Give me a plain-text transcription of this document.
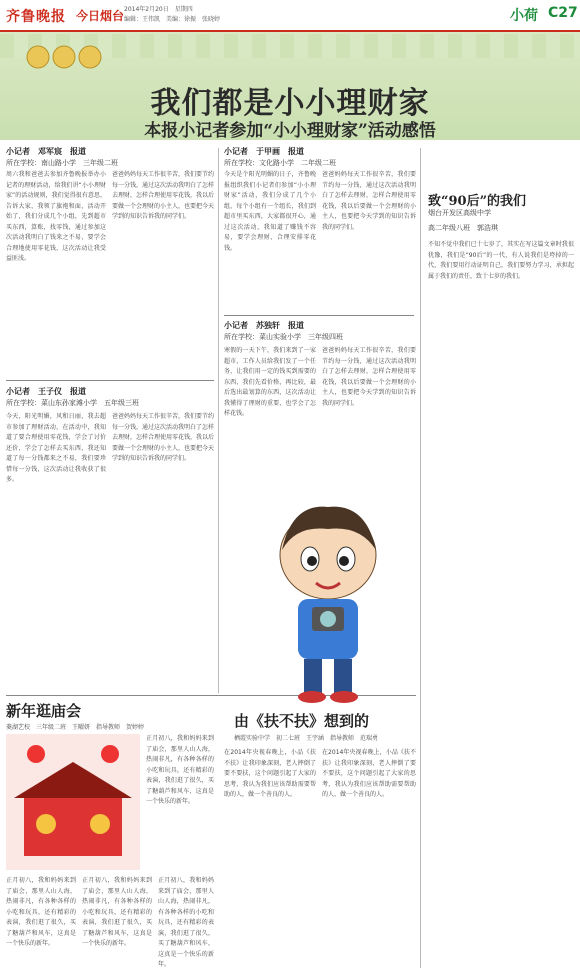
齐鲁晚报 今日烟台 2014年2月20日　星期四
编辑：王伟凯　美编：徐振　张晓婷	小荷 C27
我们都是小小理财家
本报小记者参加“小小理财家”活动感悟
小记者　邓军宸　报道
所在学校：南山路小学　三年级二班
周六我和爸爸去参加齐鲁晚报举办小记者的理财活动，给我们讲“小小理财家”的活动规则，我们觉得很有意思，告诉大家，我领了旗袍和面，活动开始了，我们分成几个小组，先到超市买东西，算账，找零钱，通过参加这次活动我明白了钱来之不易，要学会合理地使用零花钱，这次活动让我受益匪浅。
爸爸妈妈每天工作很辛苦，我们要节约每一分钱，通过这次活动我明白了怎样去理财，怎样合理使用零花钱，我以后要做一个会理财的小主人，也要把今天学到的知识告诉我的同学们。
小记者　王子仪　报道
所在学校：菜山东孙家滩小学　五年级三班
今天，阳光明媚，风和日丽，我去超市参加了理财活动，在活动中，我知道了要合理使用零花钱，学会了讨价还价，学会了怎样去买东西，我还知道了每一分钱都来之不易，我们要珍惜每一分钱，这次活动让我收获了很多。
爸爸妈妈每天工作很辛苦，我们要节约每一分钱，通过这次活动我明白了怎样去理财，怎样合理使用零花钱，我以后要做一个会理财的小主人，也要把今天学到的知识告诉我的同学们。
小记者　于甲画　报道
所在学校：文化路小学　二年级二班
今天是个阳光明媚的日子，齐鲁晚报组织我们小记者们参加“小小理财家”活动，我们分成了几个小组，每个小组有一个组长，我们到超市里买东西，大家都很开心，通过这次活动，我知道了赚钱不容易，要学会理财，合理安排零花钱。
爸爸妈妈每天工作很辛苦，我们要节约每一分钱，通过这次活动我明白了怎样去理财，怎样合理使用零花钱，我以后要做一个会理财的小主人，也要把今天学到的知识告诉我的同学们。
小记者　苏独轩　报道
所在学校：菜山实验小学　三年级四班
寒假的一天下午，我们来到了一家超市，工作人员给我们发了一个任务，让我们用一定的钱买到需要的东西，我们先看价格，再比较，最后选出最划算的东西，这次活动让我懂得了理财的重要，也学会了怎样花钱。
爸爸妈妈每天工作很辛苦，我们要节约每一分钱，通过这次活动我明白了怎样去理财，怎样合理使用零花钱，我以后要做一个会理财的小主人，也要把今天学到的知识告诉我的同学们。
新年逛庙会
菱湖艺校　三年级二班　王曜妍　指导教师　贺婷婷
正月初八，我和妈妈来到了庙会，那里人山人海，热闹非凡，有各种各样的小吃和玩具，还有精彩的表演，我们逛了很久，买了糖葫芦和风车，这真是一个快乐的新年。
正月初八，我和妈妈来到了庙会，那里人山人海，热闹非凡，有各种各样的小吃和玩具，还有精彩的表演，我们逛了很久，买了糖葫芦和风车，这真是一个快乐的新年。
正月初八，我和妈妈来到了庙会，那里人山人海，热闹非凡，有各种各样的小吃和玩具，还有精彩的表演，我们逛了很久，买了糖葫芦和风车，这真是一个快乐的新年。
正月初八，我和妈妈来到了庙会，那里人山人海，热闹非凡，有各种各样的小吃和玩具，还有精彩的表演，我们逛了很久，买了糖葫芦和风车，这真是一个快乐的新年。
由《扶不扶》想到的
栖霞实验中学　初二七班　王宇涵　指导教师　范瑞勇
在2014年央视春晚上，小品《扶不扶》让我印象深刻，老人摔倒了要不要扶，这个问题引起了大家的思考，我认为我们应该帮助需要帮助的人，做一个善良的人。
在2014年央视春晚上，小品《扶不扶》让我印象深刻，老人摔倒了要不要扶，这个问题引起了大家的思考，我认为我们应该帮助需要帮助的人，做一个善良的人。
致“90后”的我们
烟台开发区高级中学
高二年级八班　郭浩琪
不知不觉中我们已十七岁了，其实在写这篇文章时我很犹豫，我们是“90后”的一代，有人说我们是垮掉的一代，我们要用行动证明自己，我们要努力学习，承担起属于我们的责任，致十七岁的我们。
